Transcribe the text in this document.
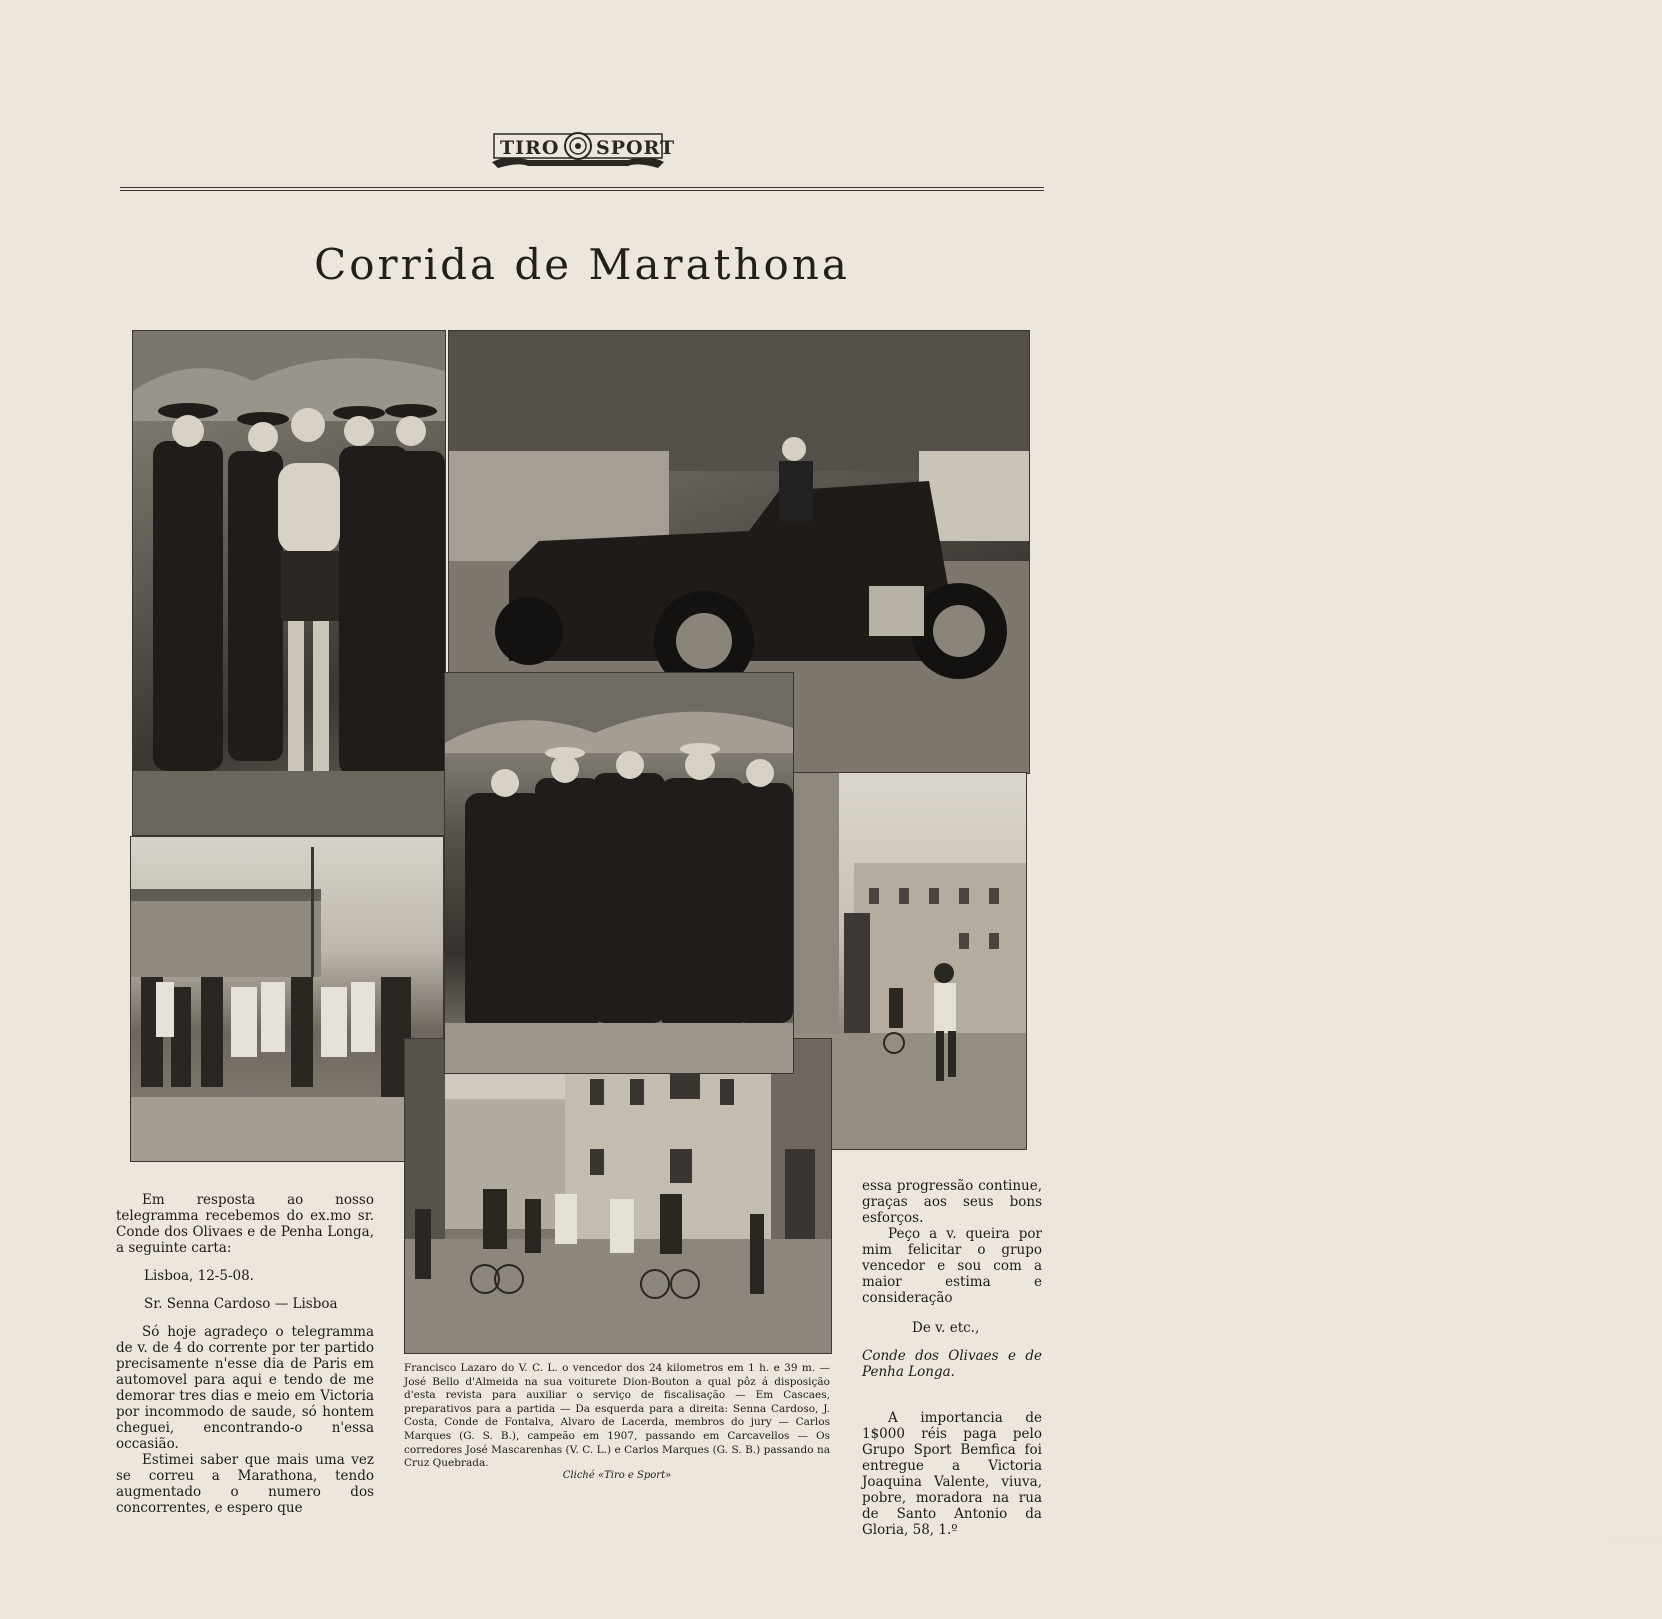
TIRO SPORT
Corrida de Marathona
F. Mascarinho

Em resposta ao nosso telegramma recebemos do ex.mo sr. Conde dos Olivaes e de Penha Longa, a seguinte carta:

Lisboa, 12-5-08.

Sr. Senna Cardoso — Lisboa

Só hoje agradeço o telegramma de v. de 4 do corrente por ter partido precisamente n'esse dia de Paris em automovel para aqui e tendo de me demorar tres dias e meio em Victoria por incommodo de saude, só hontem cheguei, encontrando-o n'essa occasião.

Estimei saber que mais uma vez se correu a Marathona, tendo augmentado o numero dos concorrentes, e espero que

essa progressão continue, graças aos seus bons esforços.

Peço a v. queira por mim felicitar o grupo vencedor e sou com a maior estima e consideração

De v. etc.,

Conde dos Olivaes e de Penha Longa.

A importancia de 1$000 réis paga pelo Grupo Sport Bemfica foi entregue a Victoria Joaquina Valente, viuva, pobre, moradora na rua de Santo Antonio da Gloria, 58, 1.º

Francisco Lazaro do V. C. L. o vencedor dos 24 kilometros em 1 h. e 39 m. — José Bello d'Almeida na sua voiturete Dion-Bouton a qual pôz á disposição d'esta revista para auxiliar o serviço de fiscalisação — Em Cascaes, preparativos para a partida — Da esquerda para a direita: Senna Cardoso, J. Costa, Conde de Fontalva, Alvaro de Lacerda, membros do jury — Carlos Marques (G. S. B.), campeão em 1907, passando em Carcavellos — Os corredores José Mascarenhas (V. C. L.) e Carlos Marques (G. S. B.) passando na Cruz Quebrada.
Cliché «Tiro e Sport»
